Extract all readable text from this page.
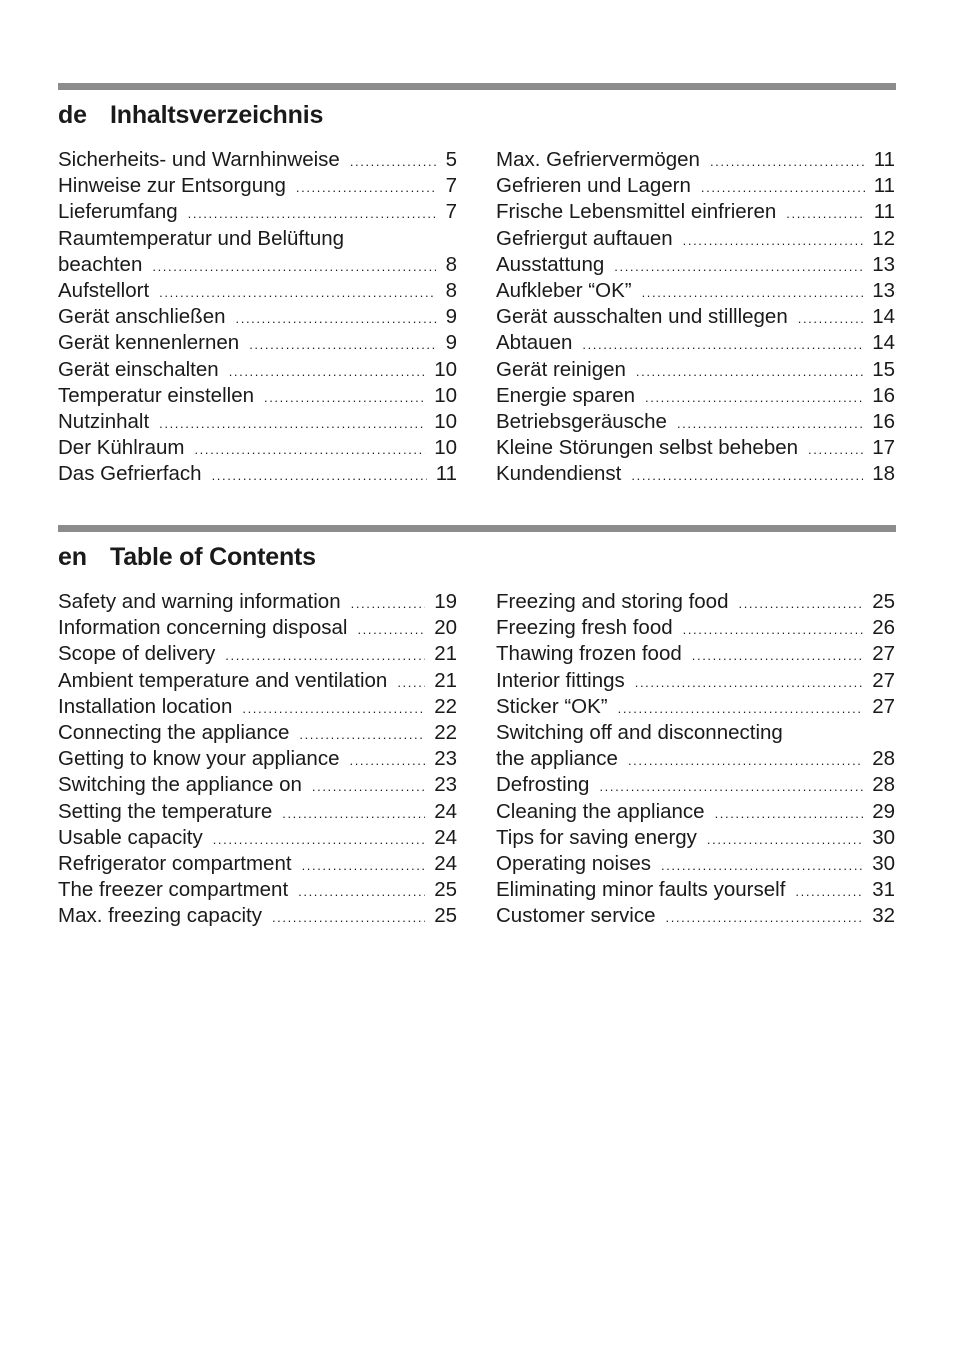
de Inhaltsverzeichnis
Sicherheits- und Warnhinweise .....	5
Hinweise zur Entsorgung .....	7
Lieferumfang .....	7
Raumtemperatur und Belüftung
beachten .....	8
Aufstellort .....	8
Gerät anschließen .....	9
Gerät kennenlernen .....	9
Gerät einschalten .....	10
Temperatur einstellen .....	10
Nutzinhalt .....	10
Der Kühlraum .....	10
Das Gefrierfach .....	11
Max. Gefriervermögen .....	11
Gefrieren und Lagern .....	11
Frische Lebensmittel einfrieren .....	11
Gefriergut auftauen .....	12
Ausstattung .....	13
Aufkleber “OK” .....	13
Gerät ausschalten und stilllegen .....	14
Abtauen .....	14
Gerät reinigen .....	15
Energie sparen .....	16
Betriebsgeräusche .....	16
Kleine Störungen selbst beheben .....	17
Kundendienst .....	18
en Table of Contents
Safety and warning information .....	19
Information concerning disposal .....	20
Scope of delivery .....	21
Ambient temperature and ventilation ..... 21
Installation location .....	22
Connecting the appliance .....	22
Getting to know your appliance .....	23
Switching the appliance on .....	23
Setting the temperature .....	24
Usable capacity .....	24
Refrigerator compartment .....	24
The freezer compartment .....	25
Max. freezing capacity .....	25
Freezing and storing food .....	25
Freezing fresh food .....	26
Thawing frozen food .....	27
Interior fittings .....	27
Sticker “OK” .....	27
Switching off and disconnecting
the appliance .....	28
Defrosting .....	28
Cleaning the appliance .....	29
Tips for saving energy .....	30
Operating noises .....	30
Eliminating minor faults yourself .....	31
Customer service .....	32
